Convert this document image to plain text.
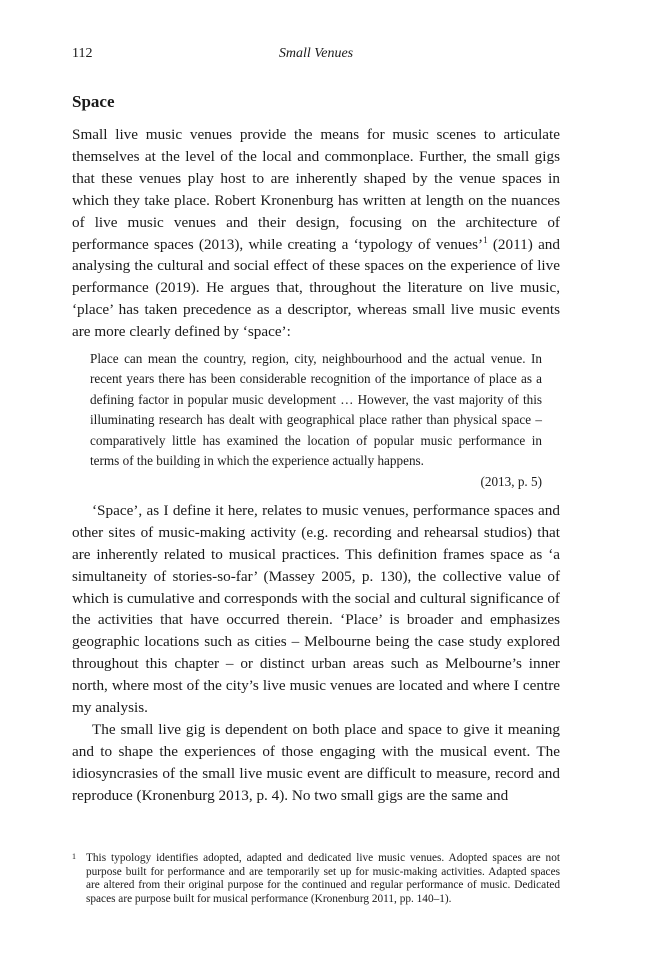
112	Small Venues
Space

Small live music venues provide the means for music scenes to articulate themselves at the level of the local and commonplace. Further, the small gigs that these venues play host to are inherently shaped by the venue spaces in which they take place. Robert Kronenburg has written at length on the nuances of live music venues and their design, focusing on the architecture of performance spaces (2013), while creating a ‘typology of venues’$^1$ (2011) and analysing the cultural and social effect of these spaces on the experience of live performance (2019). He argues that, throughout the literature on live music, ‘place’ has taken precedence as a descriptor, whereas small live music events are more clearly defined by ‘space’:

Place can mean the country, region, city, neighbourhood and the actual venue. In recent years there has been considerable recognition of the importance of place as a defining factor in popular music development … However, the vast majority of this illuminating research has dealt with geographical place rather than physical space – comparatively little has examined the location of popular music performance in terms of the building in which the experience actually happens.

(2013, p. 5)

‘Space’, as I define it here, relates to music venues, performance spaces and other sites of music-making activity (e.g. recording and rehearsal studios) that are inherently related to musical practices. This definition frames space as ‘a simultaneity of stories-so-far’ (Massey 2005, p. 130), the collective value of which is cumulative and corresponds with the social and cultural significance of the activities that have occurred therein. ‘Place’ is broader and emphasizes geographic locations such as cities – Melbourne being the case study explored throughout this chapter – or distinct urban areas such as Melbourne’s inner north, where most of the city’s live music venues are located and where I centre my analysis.

The small live gig is dependent on both place and space to give it meaning and to shape the experiences of those engaging with the musical event. The idiosyncrasies of the small live music event are difficult to measure, record and reproduce (Kronenburg 2013, p. 4). No two small gigs are the same and

1 This typology identifies adopted, adapted and dedicated live music venues. Adopted spaces are not purpose built for performance and are temporarily set up for music-making activities. Adapted spaces are altered from their original purpose for the continued and regular performance of music. Dedicated spaces are purpose built for musical performance (Kronenburg 2011, pp. 140–1).
